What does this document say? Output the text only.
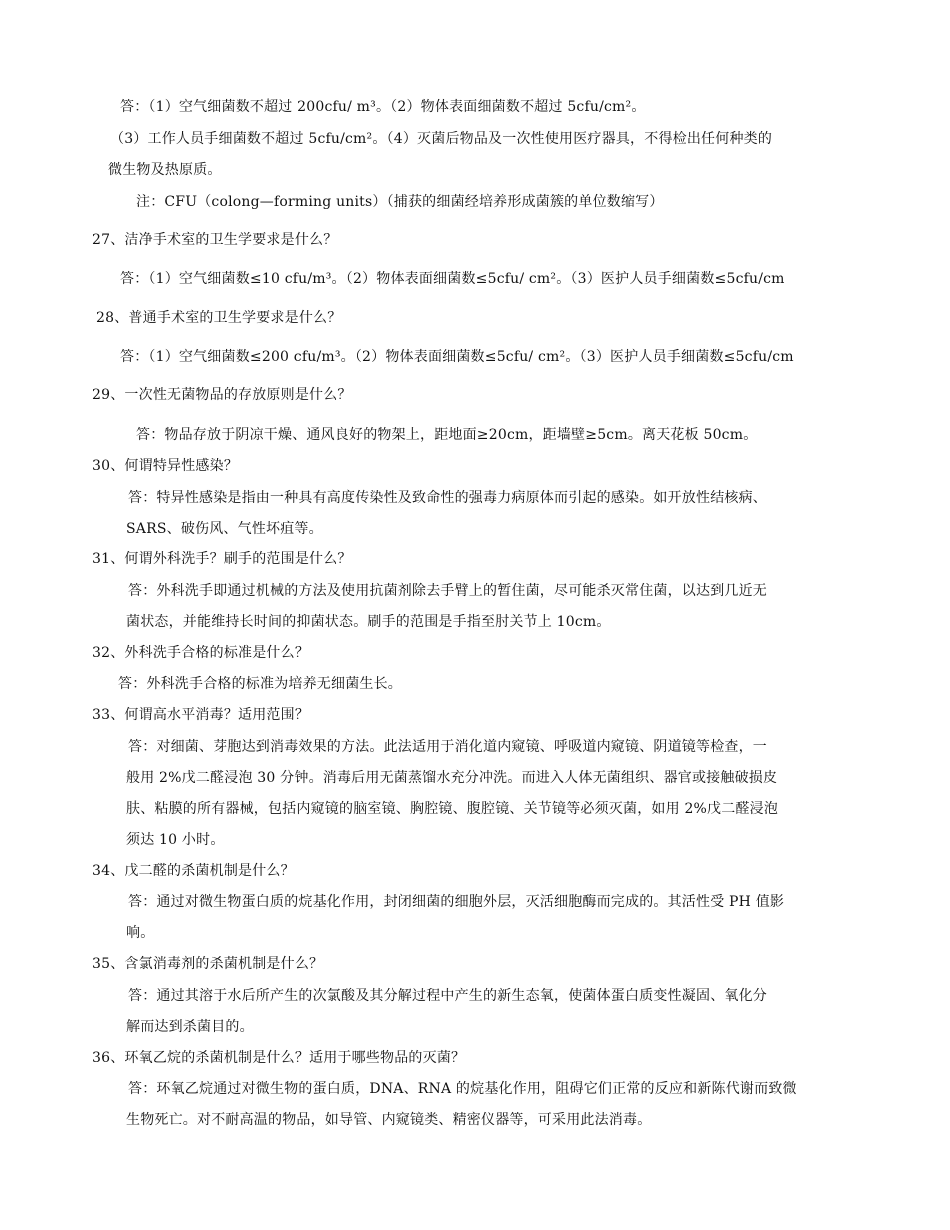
答：（1）空气细菌数不超过 200cfu/ m³。（2）物体表面细菌数不超过 5cfu/cm²。
（3）工作人员手细菌数不超过 5cfu/cm²。（4）灭菌后物品及一次性使用医疗器具，不得检出任何种类的
微生物及热原质。
注：CFU（colong—forming units）（捕获的细菌经培养形成菌簇的单位数缩写）
27、洁净手术室的卫生学要求是什么？
答：（1）空气细菌数≤10 cfu/m³。（2）物体表面细菌数≤5cfu/ cm²。（3）医护人员手细菌数≤5cfu/cm
28、普通手术室的卫生学要求是什么？
答：（1）空气细菌数≤200 cfu/m³。（2）物体表面细菌数≤5cfu/ cm²。（3）医护人员手细菌数≤5cfu/cm
29、一次性无菌物品的存放原则是什么？
答：物品存放于阴凉干燥、通风良好的物架上，距地面≥20cm，距墙壁≥5cm。离天花板 50cm。
30、何谓特异性感染？
答：特异性感染是指由一种具有高度传染性及致命性的强毒力病原体而引起的感染。如开放性结核病、
SARS、破伤风、气性坏疽等。
31、何谓外科洗手？刷手的范围是什么？
答：外科洗手即通过机械的方法及使用抗菌剂除去手臂上的暂住菌，尽可能杀灭常住菌，以达到几近无
菌状态，并能维持长时间的抑菌状态。刷手的范围是手指至肘关节上 10cm。
32、外科洗手合格的标准是什么？
答：外科洗手合格的标准为培养无细菌生长。
33、何谓高水平消毒？适用范围？
答：对细菌、芽胞达到消毒效果的方法。此法适用于消化道内窥镜、呼吸道内窥镜、阴道镜等检查，一
般用 2%戊二醛浸泡 30 分钟。消毒后用无菌蒸馏水充分冲洗。而进入人体无菌组织、器官或接触破损皮
肤、粘膜的所有器械，包括内窥镜的脑室镜、胸腔镜、腹腔镜、关节镜等必须灭菌，如用 2%戊二醛浸泡
须达 10 小时。
34、戊二醛的杀菌机制是什么？
答：通过对微生物蛋白质的烷基化作用，封闭细菌的细胞外层，灭活细胞酶而完成的。其活性受 PH 值影
响。
35、含氯消毒剂的杀菌机制是什么？
答：通过其溶于水后所产生的次氯酸及其分解过程中产生的新生态氧，使菌体蛋白质变性凝固、氧化分
解而达到杀菌目的。
36、环氧乙烷的杀菌机制是什么？适用于哪些物品的灭菌？
答：环氧乙烷通过对微生物的蛋白质，DNA、RNA 的烷基化作用，阻碍它们正常的反应和新陈代谢而致微
生物死亡。对不耐高温的物品，如导管、内窥镜类、精密仪器等，可采用此法消毒。
